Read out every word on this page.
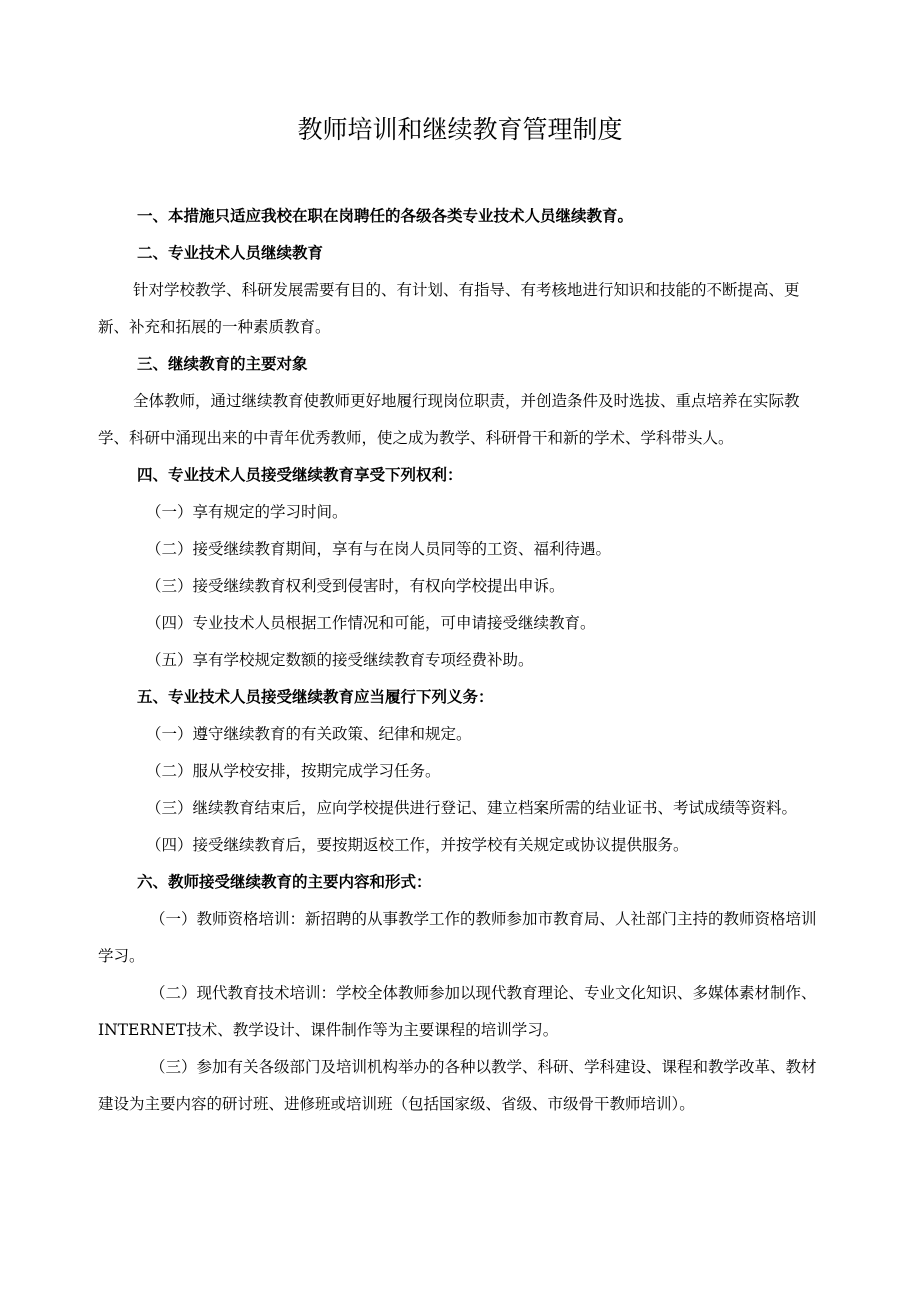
教师培训和继续教育管理制度

一、本措施只适应我校在职在岗聘任的各级各类专业技术人员继续教育。

二、专业技术人员继续教育

针对学校教学、科研发展需要有目的、有计划、有指导、有考核地进行知识和技能的不断提高、更新、补充和拓展的一种素质教育。

三、继续教育的主要对象

全体教师，通过继续教育使教师更好地履行现岗位职责，并创造条件及时选拔、重点培养在实际教学、科研中涌现出来的中青年优秀教师，使之成为教学、科研骨干和新的学术、学科带头人。

四、专业技术人员接受继续教育享受下列权利：

（一）享有规定的学习时间。

（二）接受继续教育期间，享有与在岗人员同等的工资、福利待遇。

（三）接受继续教育权利受到侵害时，有权向学校提出申诉。

（四）专业技术人员根据工作情况和可能，可申请接受继续教育。

（五）享有学校规定数额的接受继续教育专项经费补助。

五、专业技术人员接受继续教育应当履行下列义务：

（一）遵守继续教育的有关政策、纪律和规定。

（二）服从学校安排，按期完成学习任务。

（三）继续教育结束后，应向学校提供进行登记、建立档案所需的结业证书、考试成绩等资料。

（四）接受继续教育后，要按期返校工作，并按学校有关规定或协议提供服务。

六、教师接受继续教育的主要内容和形式：

（一）教师资格培训：新招聘的从事教学工作的教师参加市教育局、人社部门主持的教师资格培训学习。

（二）现代教育技术培训：学校全体教师参加以现代教育理论、专业文化知识、多媒体素材制作、INTERNET技术、教学设计、课件制作等为主要课程的培训学习。

（三）参加有关各级部门及培训机构举办的各种以教学、科研、学科建设、课程和教学改革、教材建设为主要内容的研讨班、进修班或培训班（包括国家级、省级、市级骨干教师培训）。
